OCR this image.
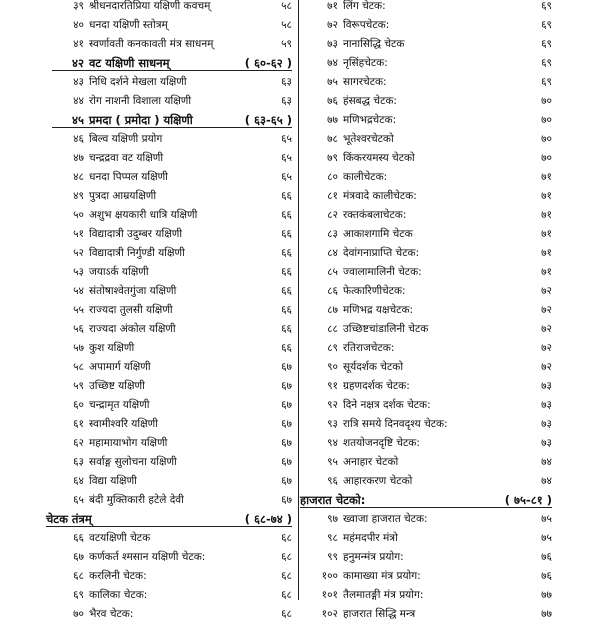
३९ श्रीधनदारतिप्रिया यक्षिणी कवचम्	५८
४० धनदा यक्षिणी स्तोत्रम्	५८
४१ स्वर्णावती कनकावती मंत्र साधनम्	५९
४२ वट यक्षिणी साधनम्	( ६०-६२ )
४३ निधि दर्शने मेखला यक्षिणी	६३
४४ रोग नाशनी विशाला यक्षिणी	६३
४५ प्रमदा ( प्रमोदा ) यक्षिणी	( ६३-६५ )
४६ बिल्व यक्षिणी प्रयोग	६५
४७ चन्द्रद्रवा वट यक्षिणी	६५
४८ धनदा पिप्पल यक्षिणी	६५
४९ पुत्रदा आम्रयक्षिणी	६६
५० अशुभ क्षयकारी धात्रि यक्षिणी	६६
५१ विद्यादात्री उदुम्बर यक्षिणी	६६
५२ विद्यादात्री निर्गुण्डी यक्षिणी	६६
५३ जयाऽर्क यक्षिणी	६६
५४ संतोषाश्वेतगुंजा यक्षिणी	६६
५५ राज्यदा तुलसी यक्षिणी	६६
५६ राज्यदा अंकोल यक्षिणी	६६
५७ कुश यक्षिणी	६६
५८ अपामार्ग यक्षिणी	६७
५९ उच्छिष्ट यक्षिणी	६७
६० चन्द्रामृत यक्षिणी	६७
६१ स्वामीश्वरि यक्षिणी	६७
६२ महामायाभोग यक्षिणी	६७
६३ सर्वाङ्ग सुलोचना यक्षिणी	६७
६४ विद्या यक्षिणी	६७
६५ बंदी मुक्तिकारी हटेले देवी	६७
चेटक तंत्रम्	( ६८-७४ )
६६ वटयक्षिणी चेटक	६८
६७ कर्णकर्त श्मसान यक्षिणी चेटक:	६८
६८ करलिनी चेटक:	६८
६९ कालिका चेटक:	६८
७० भैरव चेटक:	६८
७१ लिंग चेटक:	६९
७२ विरूपचेटक:	६९
७३ नानासिद्धि चेटक	६९
७४ नृसिंहचेटक:	६९
७५ सागरचेटक:	६९
७६ हंसबद्ध चेटक:	७०
७७ मणिभद्रचेटक:	७०
७८ भूतेश्वरचेटको	७०
७९ किंकरयमस्य चेटको	७०
८० कालीचेटक:	७१
८१ मंत्रवादे कालीचेटक:	७१
८२ रक्तकंबलाचेटक:	७१
८३ आकाशगामि चेटक	७१
८४ देवांगनाप्राप्ति चेटक:	७१
८५ ज्वालामालिनी चेटक:	७१
८६ फेत्कारिणीचेटक:	७२
८७ मणिभद्र यक्षचेटक:	७२
८८ उच्छिष्टचांडालिनी चेटक	७२
८९ रतिराजचेटक:	७२
९० सूर्यदर्शक चेटको	७२
९१ ग्रहणदर्शक चेटक:	७३
९२ दिने नक्षत्र दर्शक चेटक:	७३
९३ रात्रि समये दिनवदृश्य चेटक:	७३
९४ शतयोजनदृष्टि चेटक:	७३
९५ अनाहार चेटको	७४
९६ आहारकरण चेटको	७४
हाजरात चेटको:	( ७५-८१ )
९७ ख्वाजा हाजरात चेटक:	७५
९८ महंमदपीर मंत्रो	७५
९९ हनुमन्मंत्र प्रयोग:	७६
१०० कामाख्या मंत्र प्रयोग:	७६
१०१ तैलमातङ्गी मंत्र प्रयोग:	७७
१०२ हाजरात सिद्धि मन्त्र	७७
